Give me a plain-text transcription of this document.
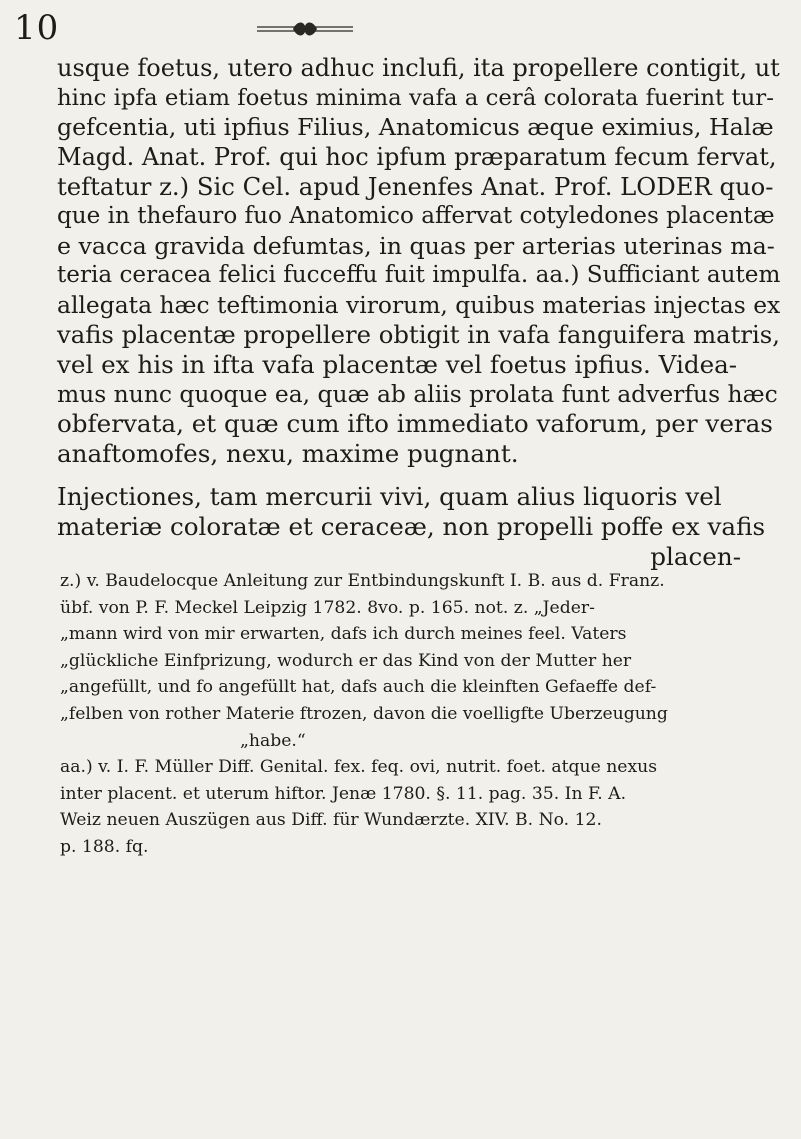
10
usque foetus, utero adhuc inclufi, ita propellere contigit, ut
hinc ipfa etiam foetus minima vafa a cerâ colorata fuerint tur-
gefcentia, uti ipfius Filius, Anatomicus æque eximius, Halæ
Magd. Anat. Prof. qui hoc ipfum præparatum fecum fervat,
teftatur z.) Sic Cel. apud Jenenfes Anat. Prof. LODER quo-
que in thefauro fuo Anatomico affervat cotyledones placentæ
e vacca gravida defumtas, in quas per arterias uterinas ma-
teria ceracea felici fucceffu fuit impulfa. aa.) Sufficiant autem
allegata hæc teftimonia virorum, quibus materias injectas ex
vafis placentæ propellere obtigit in vafa fanguifera matris,
vel ex his in ifta vafa placentæ vel foetus ipfius. Videa-
mus nunc quoque ea, quæ ab aliis prolata funt adverfus hæc
obfervata, et quæ cum ifto immediato vaforum, per veras
anaftomofes, nexu, maxime pugnant.
Injectiones, tam mercurii vivi, quam alius liquoris vel
materiæ coloratæ et ceraceæ, non propelli poffe ex vafis
placen-
z.) v. Baudelocque Anleitung zur Entbindungskunft I. B. aus d. Franz.
übf. von P. F. Meckel Leipzig 1782. 8vo. p. 165. not. z. „Jeder-
„mann wird von mir erwarten, dafs ich durch meines feel. Vaters
„glückliche Einfprizung, wodurch er das Kind von der Mutter her
„angefüllt, und fo angefüllt hat, dafs auch die kleinften Gefaeffe def-
„felben von rother Materie ftrozen, davon die voelligfte Uberzeugung
„habe.“
aa.) v. I. F. Müller Diff. Genital. fex. feq. ovi, nutrit. foet. atque nexus
inter placent. et uterum hiftor. Jenæ 1780. §. 11. pag. 35. In F. A.
Weiz neuen Auszügen aus Diff. für Wundærzte. XIV. B. No. 12.
p. 188. fq.
